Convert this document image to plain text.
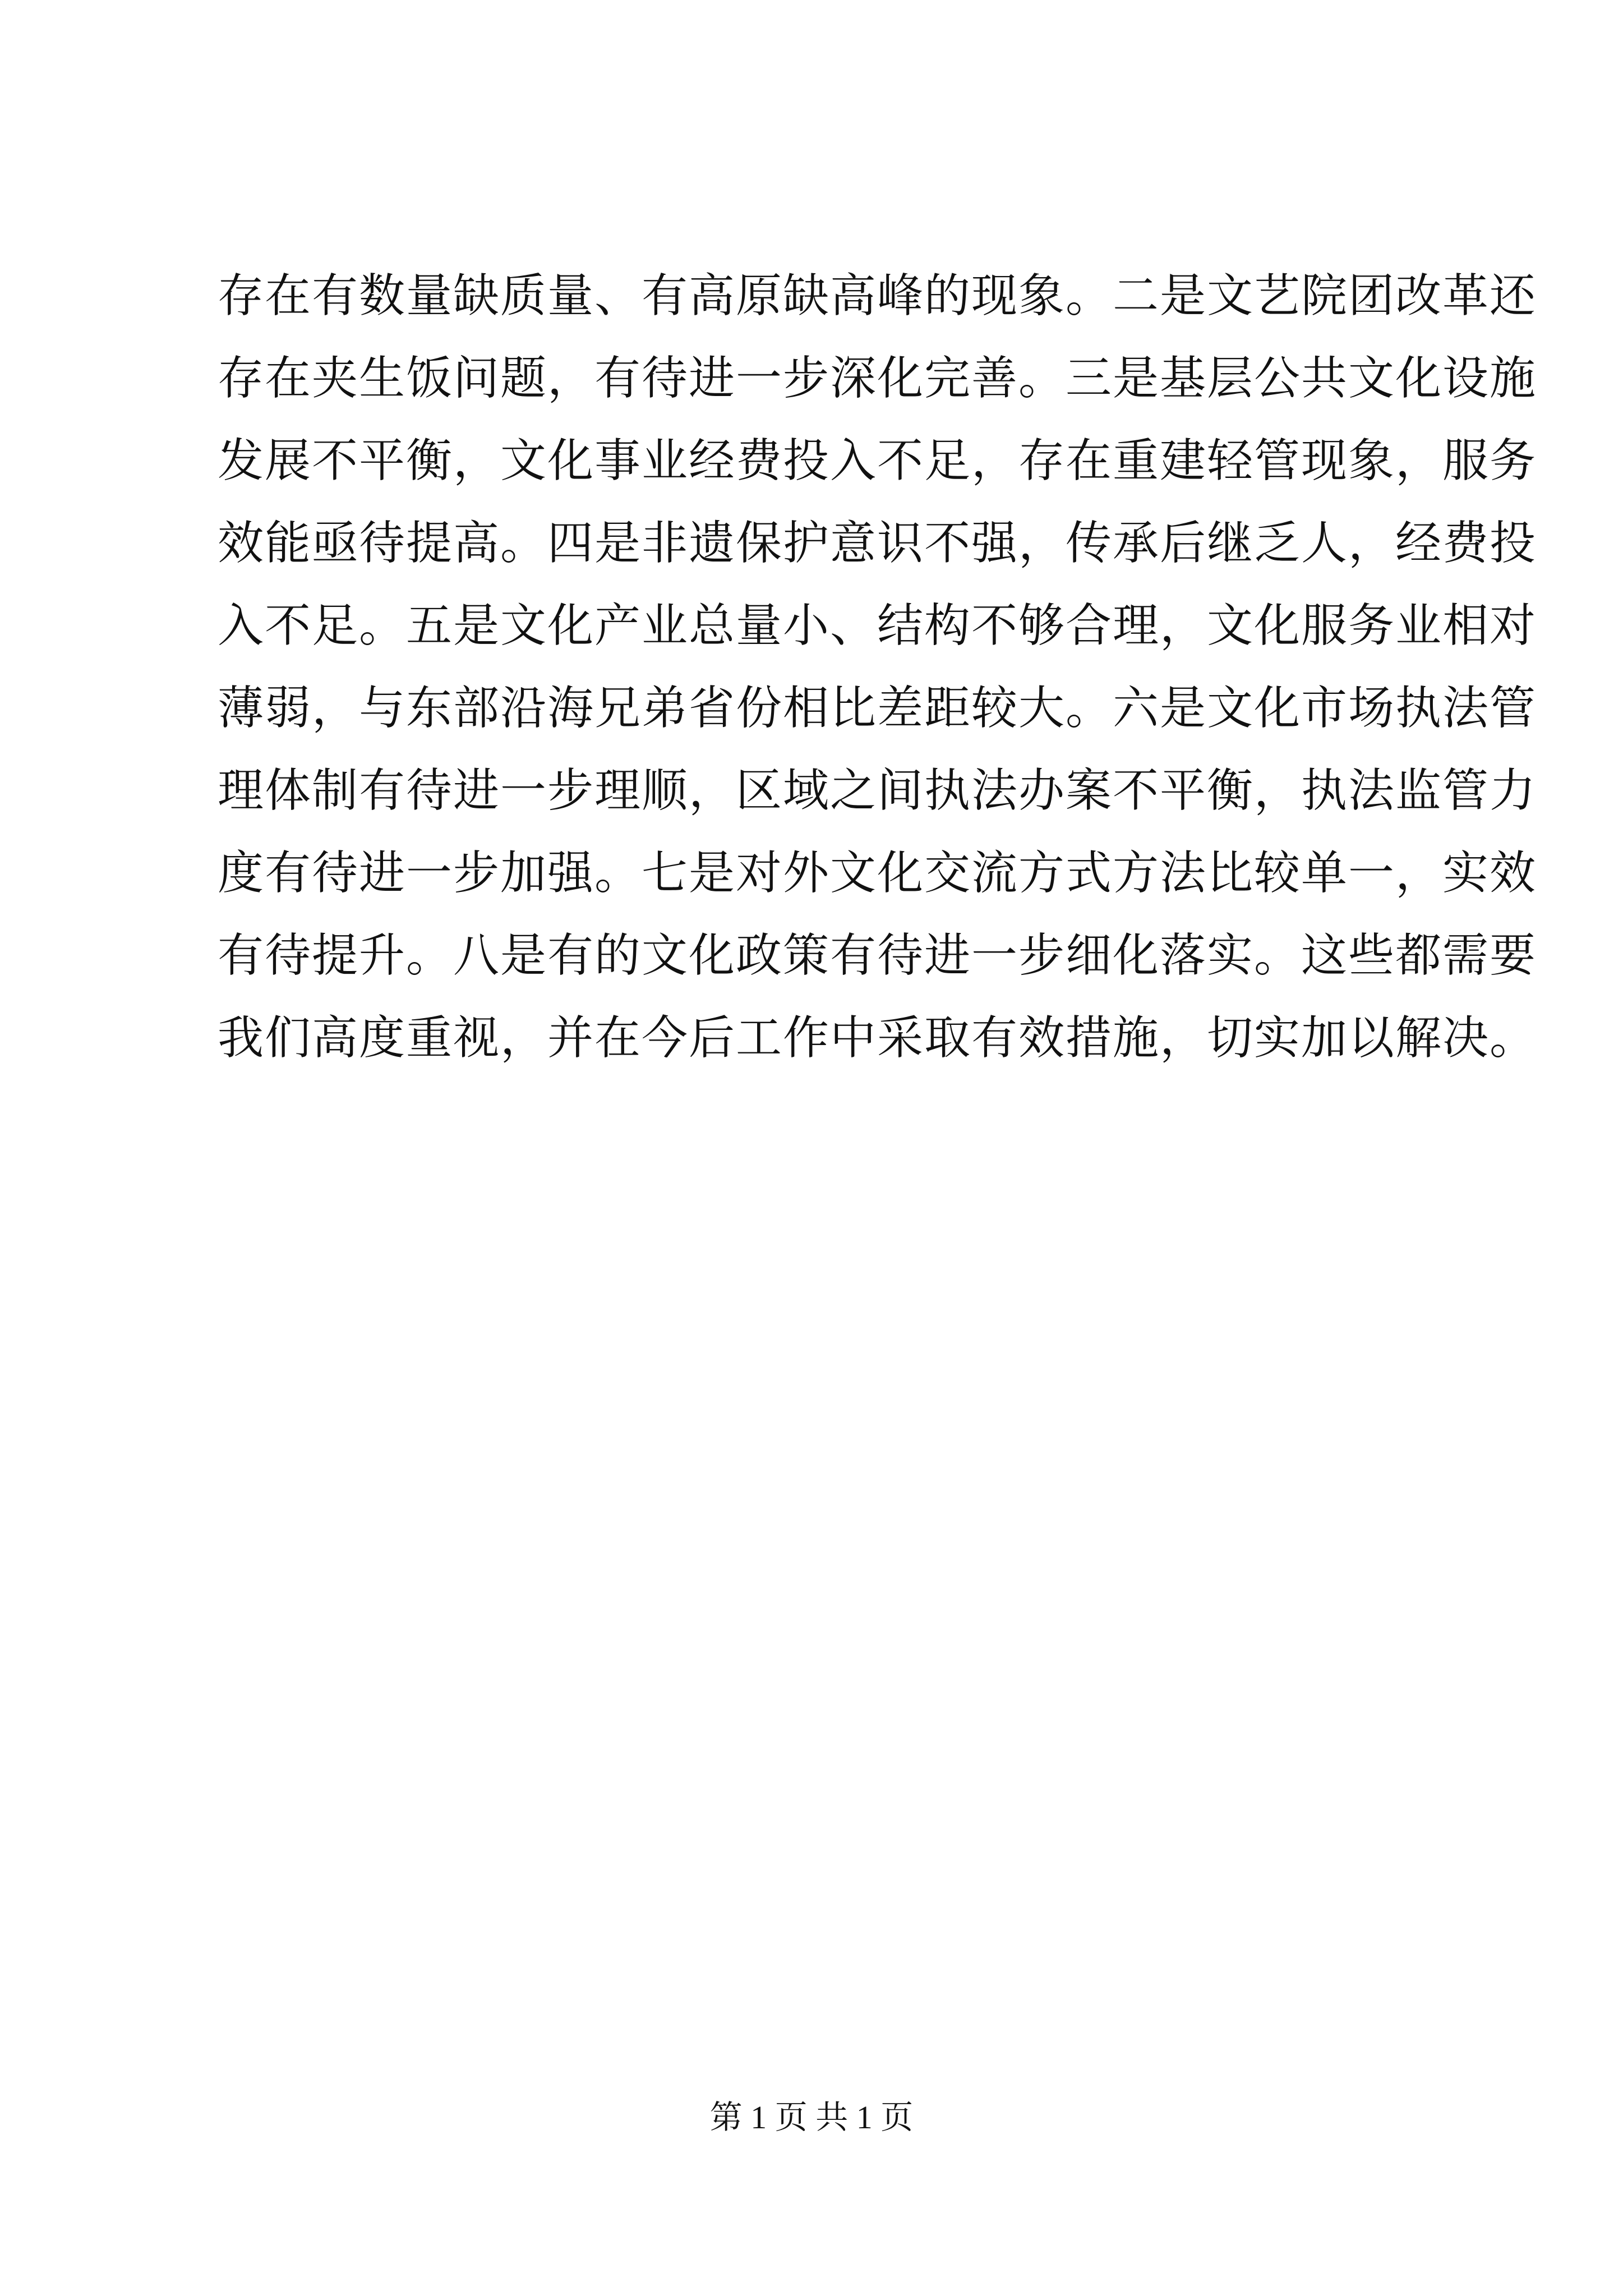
存在有数量缺质量、有高原缺高峰的现象。二是文艺院团改革还
存在夹生饭问题，有待进一步深化完善。三是基层公共文化设施
发展不平衡，文化事业经费投入不足，存在重建轻管现象，服务
效能亟待提高。四是非遗保护意识不强，传承后继乏人，经费投
入不足。五是文化产业总量小、结构不够合理，文化服务业相对
薄弱，与东部沿海兄弟省份相比差距较大。六是文化市场执法管
理体制有待进一步理顺，区域之间执法办案不平衡，执法监管力
度有待进一步加强。七是对外文化交流方式方法比较单一，实效
有待提升。八是有的文化政策有待进一步细化落实。这些都需要
我们高度重视，并在今后工作中采取有效措施，切实加以解决。
第 1 页 共 1 页
